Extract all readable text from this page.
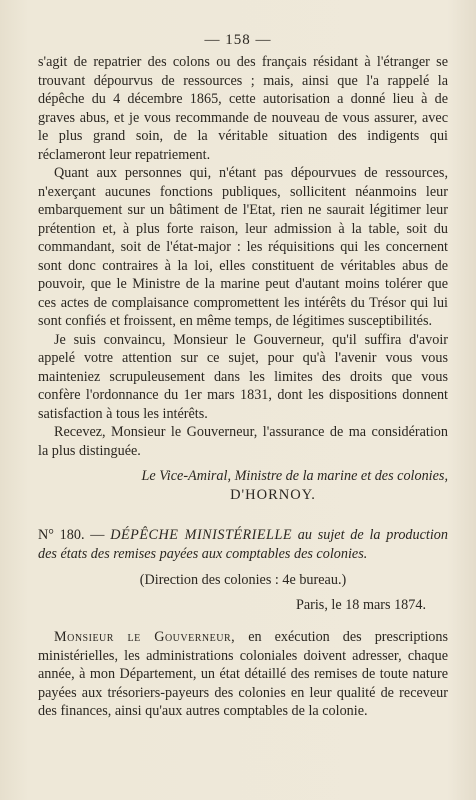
— 158 —

s'agit de repatrier des colons ou des français résidant à l'étranger se trouvant dépourvus de ressources ; mais, ainsi que l'a rappelé la dépêche du 4 décembre 1865, cette autorisation a donné lieu à de graves abus, et je vous recommande de nouveau de vous assurer, avec le plus grand soin, de la véritable situation des indigents qui réclameront leur repatriement.

Quant aux personnes qui, n'étant pas dépourvues de ressources, n'exerçant aucunes fonctions publiques, sollicitent néanmoins leur embarquement sur un bâtiment de l'Etat, rien ne saurait légitimer leur prétention et, à plus forte raison, leur admission à la table, soit du commandant, soit de l'état-major : les réquisitions qui les concernent sont donc contraires à la loi, elles constituent de véritables abus de pouvoir, que le Ministre de la marine peut d'autant moins tolérer que ces actes de complaisance compromettent les intérêts du Trésor qui lui sont confiés et froissent, en même temps, de légitimes susceptibilités.

Je suis convaincu, Monsieur le Gouverneur, qu'il suffira d'avoir appelé votre attention sur ce sujet, pour qu'à l'avenir vous vous mainteniez scrupuleusement dans les limites des droits que vous confère l'ordonnance du 1er mars 1831, dont les dispositions donnent satisfaction à tous les intérêts.

Recevez, Monsieur le Gouverneur, l'assurance de ma considération la plus distinguée.

Le Vice-Amiral, Ministre de la marine et des colonies,

D'HORNOY.

N° 180. — DÉPÊCHE MINISTÉRIELLE au sujet de la production des états des remises payées aux comptables des colonies.

(Direction des colonies : 4e bureau.)

Paris, le 18 mars 1874.

Monsieur le Gouverneur, en exécution des prescriptions ministérielles, les administrations coloniales doivent adresser, chaque année, à mon Département, un état détaillé des remises de toute nature payées aux trésoriers-payeurs des colonies en leur qualité de receveur des finances, ainsi qu'aux autres comptables de la colonie.
